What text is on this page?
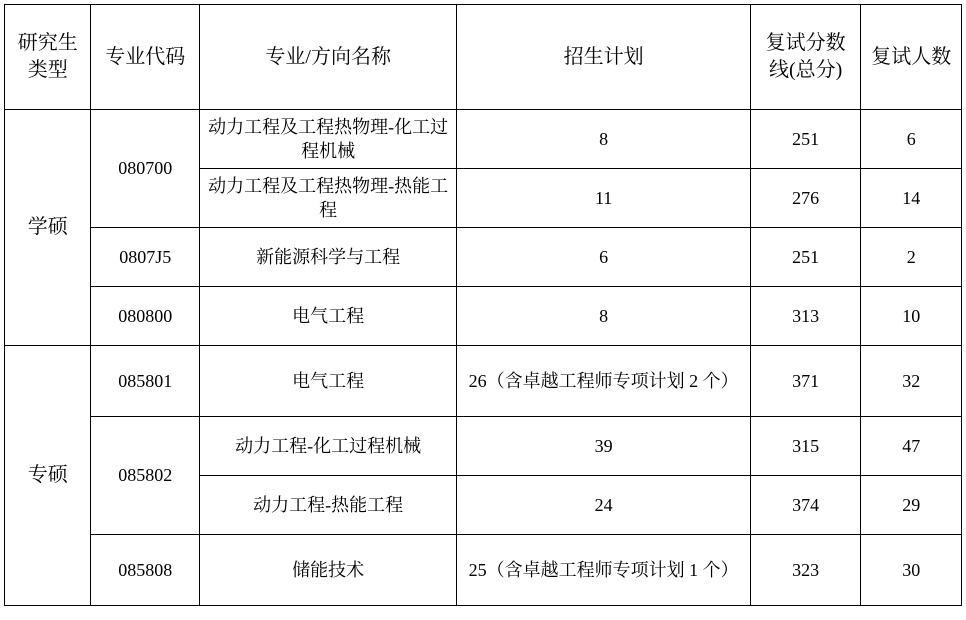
研究生类型	专业代码	专业/方向名称	招生计划	复试分数线(总分)	复试人数
学硕	080700	动力工程及工程热物理-化工过程机械	8	251	6
		动力工程及工程热物理-热能工程	11	276	14
	0807J5	新能源科学与工程	6	251	2
	080800	电气工程	8	313	10
专硕	085801	电气工程	26（含卓越工程师专项计划 2 个）	371	32
	085802	动力工程-化工过程机械	39	315	47
		动力工程-热能工程	24	374	29
	085808	储能技术	25（含卓越工程师专项计划 1 个）	323	30
